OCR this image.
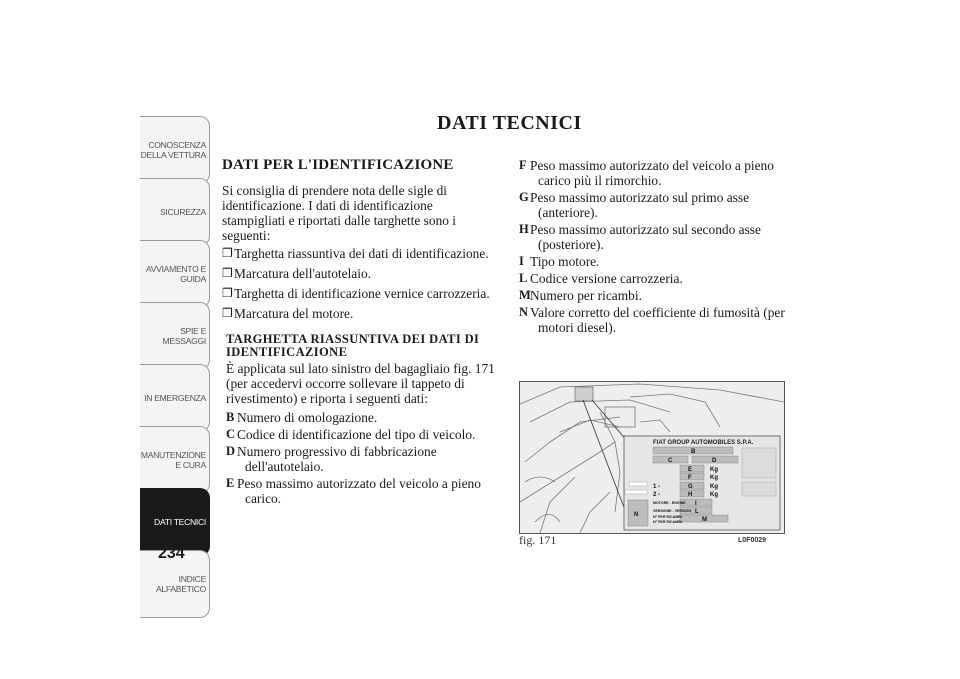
CONOSCENZA DELLA VETTURA
SICUREZZA
AVVIAMENTO E GUIDA
SPIE E MESSAGGI
IN EMERGENZA
MANUTENZIONE E CURA
DATI TECNICI
INDICE ALFABETICO
234
DATI TECNICI
DATI PER L'IDENTIFICAZIONE

Si consiglia di prendere nota delle sigle di identificazione. I dati di identificazione stampigliati e riportati dalle targhette sono i seguenti:

❒ Targhetta riassuntiva dei dati di identificazione.
❒ Marcatura dell'autotelaio.
❒ Targhetta di identificazione vernice carrozzeria.
❒ Marcatura del motore.
TARGHETTA RIASSUNTIVA DEI DATI DI IDENTIFICAZIONE

È applicata sul lato sinistro del bagagliaio fig. 171 (per accedervi occorre sollevare il tappeto di rivestimento) e riporta i seguenti dati:

B Numero di omologazione.
C Codice di identificazione del tipo di veicolo.
D Numero progressivo di fabbricazione
dell'autotelaio.
E Peso massimo autorizzato del veicolo a pieno
carico.
F Peso massimo autorizzato del veicolo a pieno
carico più il rimorchio.
G Peso massimo autorizzato sul primo asse
(anteriore).
H Peso massimo autorizzato sul secondo asse
(posteriore).
I Tipo motore.
L Codice versione carrozzeria.
M Numero per ricambi.
N Valore corretto del coefficiente di fumosità (per
motori diesel).
FIAT GROUP AUTOMOBILES S.P.A.
B
C	D
E
F
G
H
I
L
M
N
Kg
Kg
Kg
Kg
1 -
2 -
MOTORE - ENGINE
VERSIONE - VERSION
N° PER RICAMBI
N° PER RICAMBI
fig. 171	L0F0029
